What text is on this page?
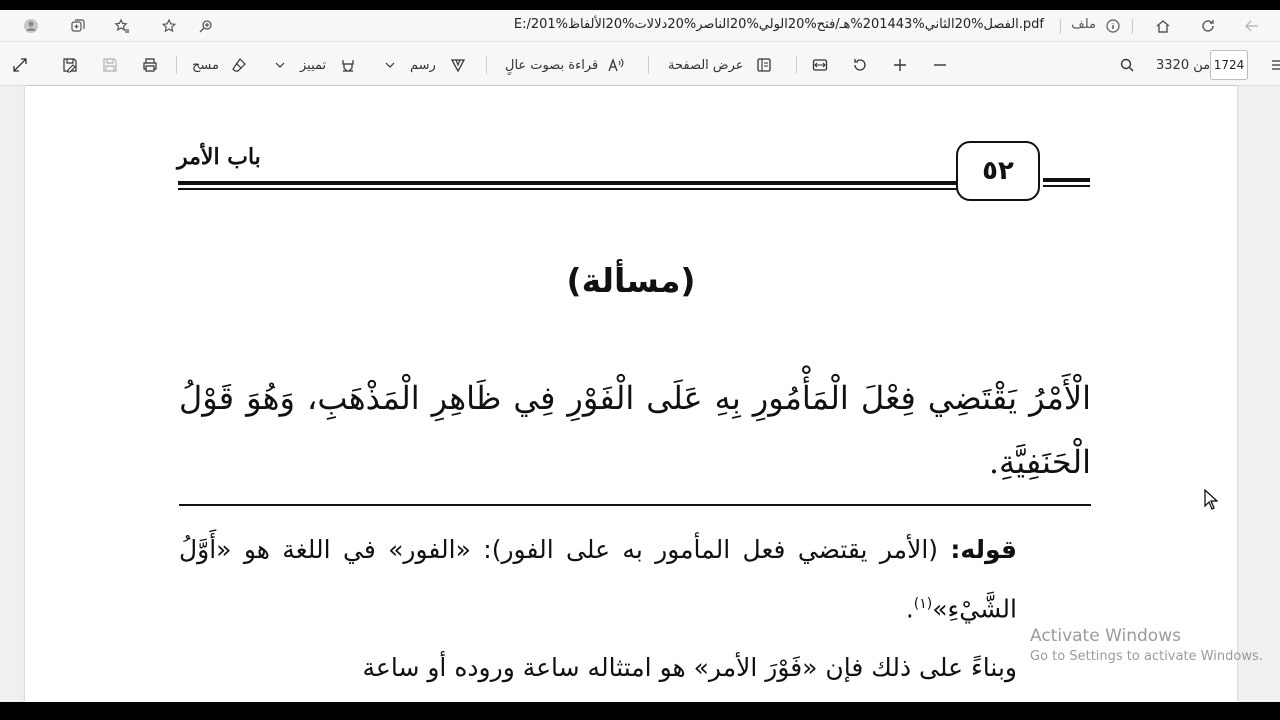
ملف
E:/201%الفصل%20الثاني%201443%هـ/فتح%20الولي%20الناصر%20دلالات%20الألفاظ.pdf
من 3320
عرض الصفحة
قراءة بصوت عالٍ
رسم
تمييز
مسح	1724
باب الأمر	٥٢
(مسألة)
الْأَمْرُ يَقْتَضِي فِعْلَ الْمَأْمُورِ بِهِ عَلَى الْفَوْرِ فِي ظَاهِرِ الْمَذْهَبِ، وَهُوَ قَوْلُ الْحَنَفِيَّةِ.
قوله: (الأمر يقتضي فعل المأمور به على الفور): «الفور» في اللغة هو «أَوَّلُ الشَّيْءِ»$^{(١)}$.
وبناءً على ذلك فإن «فَوْرَ الأمر» هو امتثاله ساعة وروده أو ساعة
Activate Windows
Go to Settings to activate Windows.
